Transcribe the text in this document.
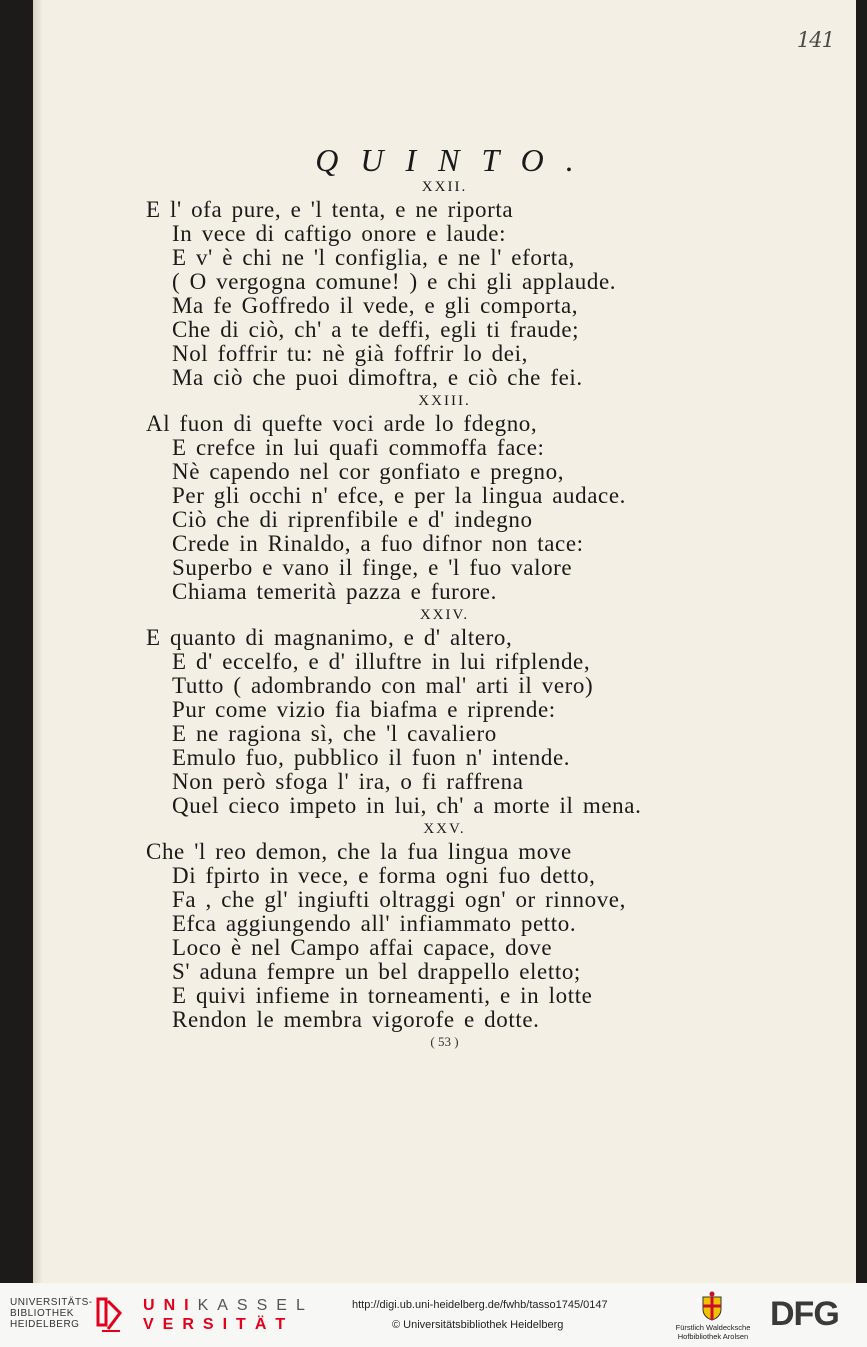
141
QUINTO.
XXII.
E l' ofa pure, e 'l tenta, e ne riporta
In vece di caftigo onore e laude:
E v' è chi ne 'l configlia, e ne l' eforta,
( O vergogna comune! ) e chi gli applaude.
Ma fe Goffredo il vede, e gli comporta,
Che di ciò, ch' a te deffi, egli ti fraude;
Nol foffrir tu: nè già foffrir lo dei,
Ma ciò che puoi dimoftra, e ciò che fei.
XXIII.
Al fuon di quefte voci arde lo fdegno,
E crefce in lui quafi commoffa face:
Nè capendo nel cor gonfiato e pregno,
Per gli occhi n' efce, e per la lingua audace.
Ciò che di riprenfibile e d' indegno
Crede in Rinaldo, a fuo difnor non tace:
Superbo e vano il finge, e 'l fuo valore
Chiama temerità pazza e furore.
XXIV.
E quanto di magnanimo, e d' altero,
E d' eccelfo, e d' illuftre in lui rifplende,
Tutto ( adombrando con mal' arti il vero)
Pur come vizio fia biafma e riprende:
E ne ragiona sì, che 'l cavaliero
Emulo fuo, pubblico il fuon n' intende.
Non però sfoga l' ira, o fi raffrena
Quel cieco impeto in lui, ch' a morte il mena.
XXV.
Che 'l reo demon, che la fua lingua move
Di fpirto in vece, e forma ogni fuo detto,
Fa , che gl' ingiufti oltraggi ogn' or rinnove,
Efca aggiungendo all' infiammato petto.
Loco è nel Campo affai capace, dove
S' aduna fempre un bel drappello eletto;
E quivi infieme in torneamenti, e in lotte
Rendon le membra vigorofe e dotte.
( 53 )
UNIVERSITÄTS-
BIBLIOTHEK
HEIDELBERG
UNIKASSEL
VERSITÄT
http://digi.ub.uni-heidelberg.de/fwhb/tasso1745/0147
© Universitätsbibliothek Heidelberg	Fürstlich Waldecksche
Hofbibliothek Arolsen
DFG
